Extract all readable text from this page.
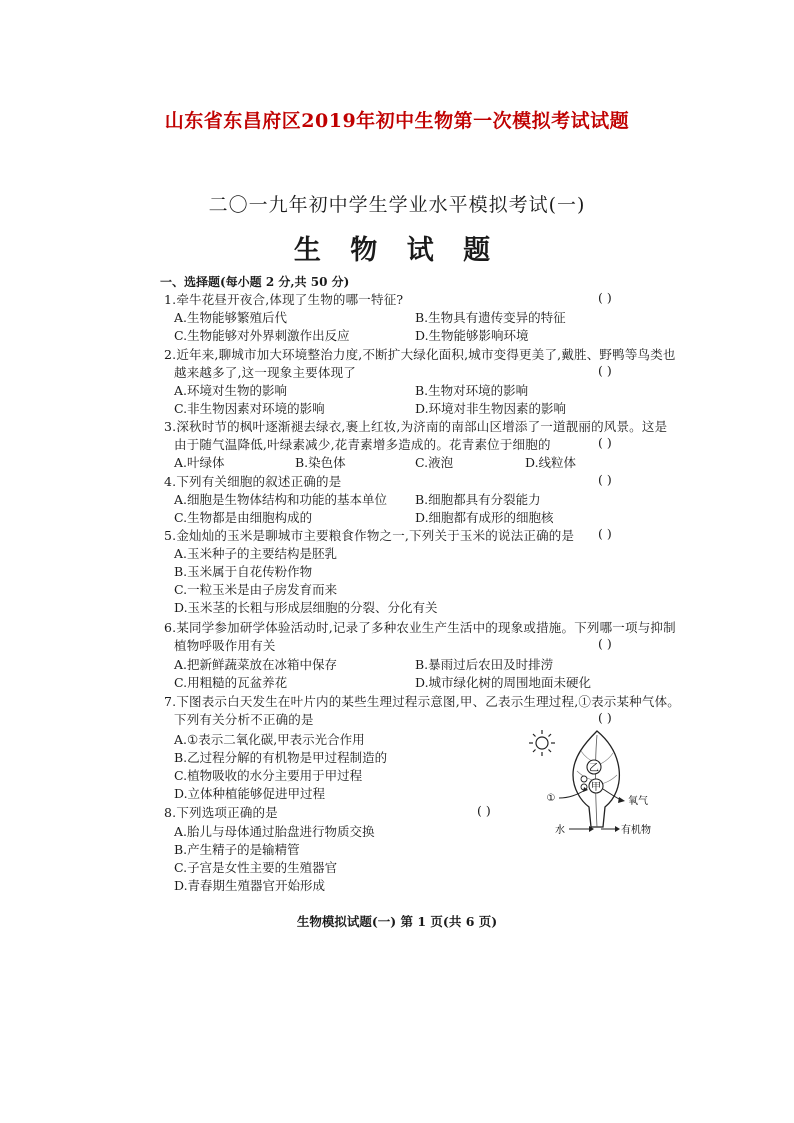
山东省东昌府区2019年初中生物第一次模拟考试试题
二〇一九年初中学生学业水平模拟考试(一)
生 物 试 题
一、选择题(每小题 2 分,共 50 分)
1.牵牛花昼开夜合,体现了生物的哪一特征?	( )
A.生物能够繁殖后代	B.生物具有遗传变异的特征
C.生物能够对外界刺激作出反应	D.生物能够影响环境
2.近年来,聊城市加大环境整治力度,不断扩大绿化面积,城市变得更美了,戴胜、野鸭等鸟类也
越来越多了,这一现象主要体现了	( )
A.环境对生物的影响	B.生物对环境的影响
C.非生物因素对环境的影响	D.环境对非生物因素的影响
3.深秋时节的枫叶逐渐褪去绿衣,裹上红妆,为济南的南部山区增添了一道靓丽的风景。这是
由于随气温降低,叶绿素减少,花青素增多造成的。花青素位于细胞的	( )
A.叶绿体	B.染色体	C.液泡	D.线粒体
4.下列有关细胞的叙述正确的是	( )
A.细胞是生物体结构和功能的基本单位 B.细胞都具有分裂能力
C.生物都是由细胞构成的	D.细胞都有成形的细胞核
5.金灿灿的玉米是聊城市主要粮食作物之一,下列关于玉米的说法正确的是 ( )
A.玉米种子的主要结构是胚乳
B.玉米属于自花传粉作物
C.一粒玉米是由子房发育而来
D.玉米茎的长粗与形成层细胞的分裂、分化有关
6.某同学参加研学体验活动时,记录了多种农业生产生活中的现象或措施。下列哪一项与抑制
植物呼吸作用有关	( )
A.把新鲜蔬菜放在冰箱中保存	B.暴雨过后农田及时排涝
C.用粗糙的瓦盆养花	D.城市绿化树的周围地面未硬化
7.下图表示白天发生在叶片内的某些生理过程示意图,甲、乙表示生理过程,①表示某种气体。
下列有关分析不正确的是	( )
A.①表示二氧化碳,甲表示光合作用
B.乙过程分解的有机物是甲过程制造的
C.植物吸收的水分主要用于甲过程
D.立体种植能够促进甲过程
8.下列选项正确的是	( )
A.胎儿与母体通过胎盘进行物质交换
B.产生精子的是输精管
C.子宫是女性主要的生殖器官
D.青春期生殖器官开始形成
乙
甲
①	氧气
水	有机物
生物模拟试题(一) 第 1 页(共 6 页)
